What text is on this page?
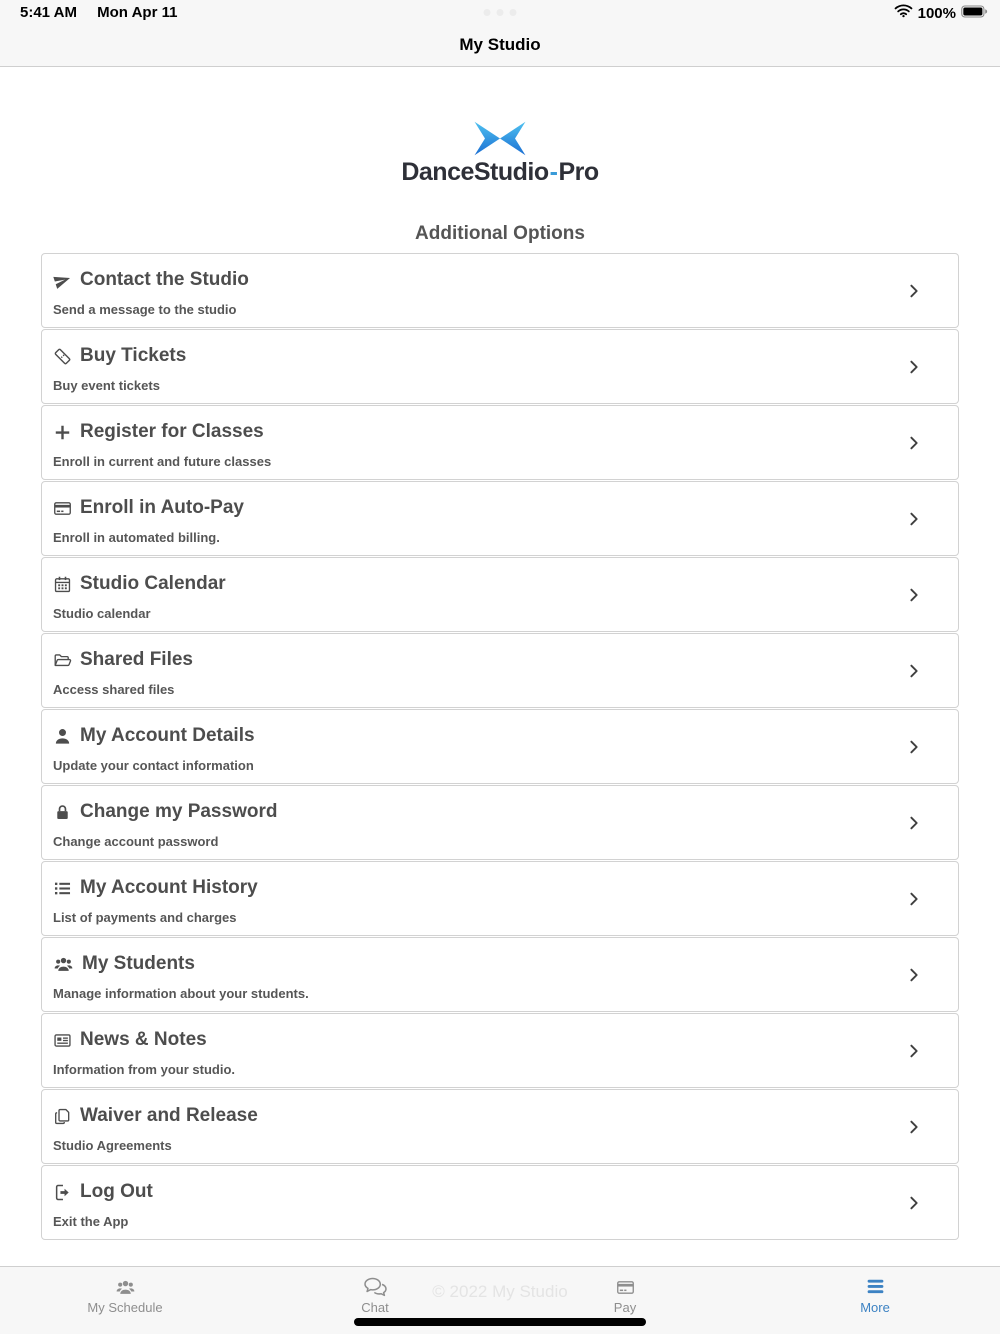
5:41 AM Mon Apr 11	100%
My Studio
DanceStudio-Pro
Additional Options
Contact the Studio
Send a message to the studio
Buy Tickets
Buy event tickets
Register for Classes
Enroll in current and future classes
Enroll in Auto-Pay
Enroll in automated billing.
Studio Calendar
Studio calendar
Shared Files
Access shared files
My Account Details
Update your contact information
Change my Password
Change account password
My Account History
List of payments and charges
My Students
Manage information about your students.
News & Notes
Information from your studio.
Waiver and Release
Studio Agreements
Log Out
Exit the App
© 2022 My Studio
My Schedule	Chat	Pay	More
